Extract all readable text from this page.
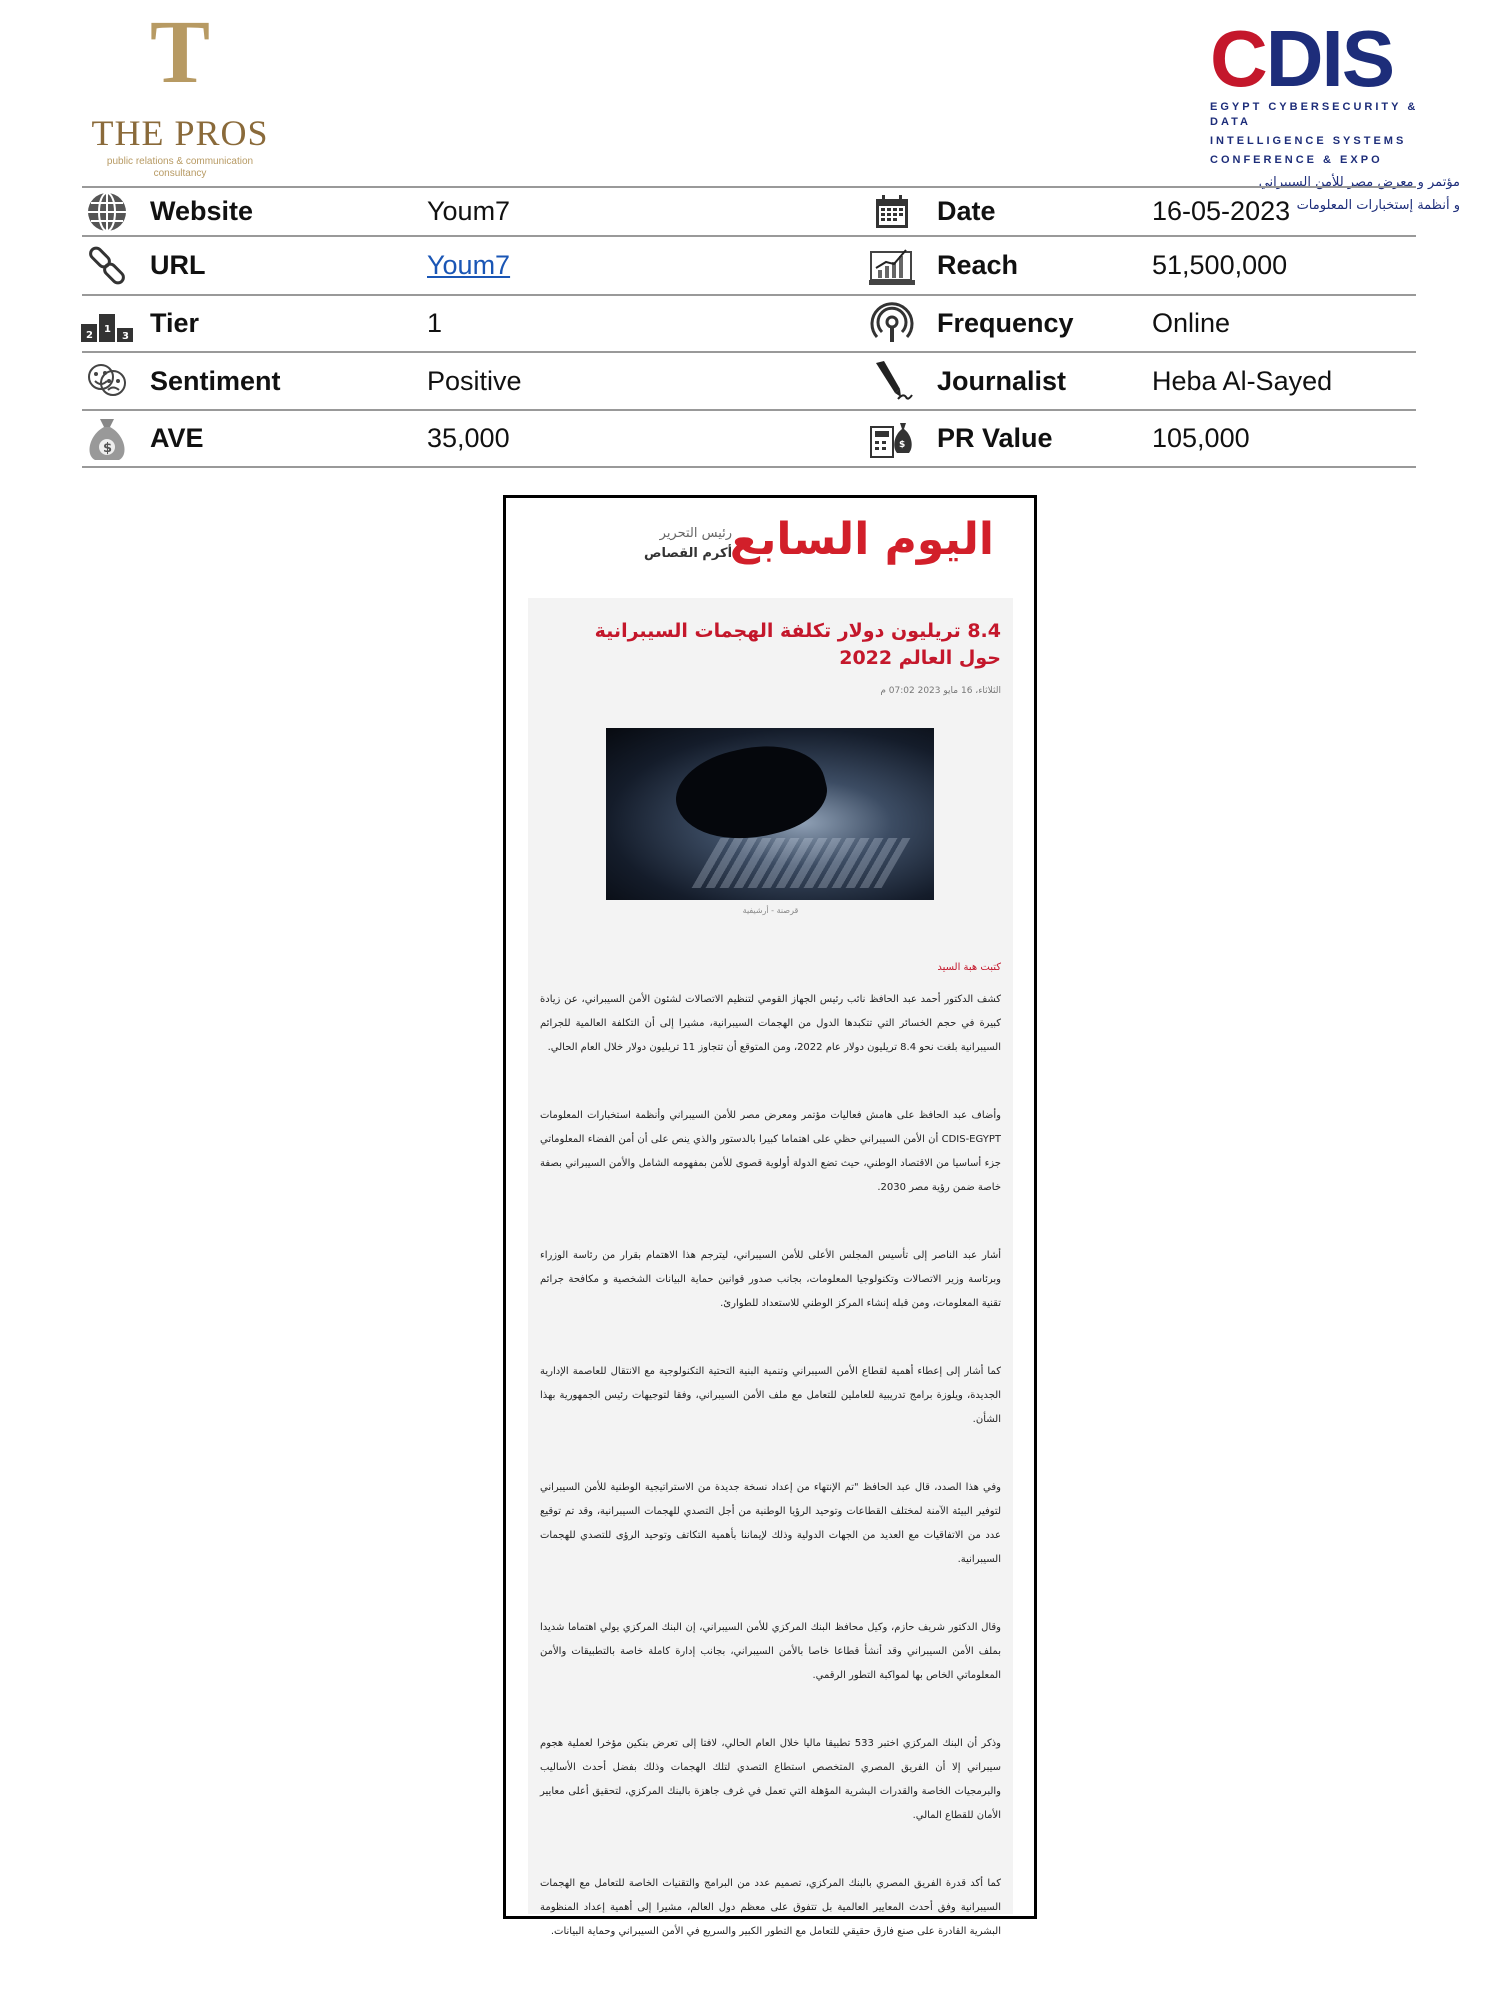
T
THE PROS
public relations & communication consultancy
CDIS
EGYPT CYBERSECURITY & DATA
INTELLIGENCE SYSTEMS
CONFERENCE & EXPO
مؤتمر و معرض مصر للأمن السيبراني
و أنظمة إستخبارات المعلومات
Website	Youm7	Date	16-05-2023
URL	Youm7	Reach	51,500,000
2
1
3 Tier	1	Frequency	Online
Sentiment	Positive	Journalist	Heba Al-Sayed
$ AVE	35,000	$ PR Value	105,000
اليوم السابع
رئيس التحرير
أكرم القصاص
8.4 تريليون دولار تكلفة الهجمات السيبرانية حول العالم 2022
الثلاثاء، 16 مايو 2023 07:02 م
قرصنة - أرشيفية
كتبت هبة السيد

كشف الدكتور أحمد عبد الحافظ نائب رئيس الجهاز القومي لتنظيم الاتصالات لشئون الأمن السيبراني، عن زيادة كبيرة في حجم الخسائر التي تتكبدها الدول من الهجمات السيبرانية، مشيرا إلى أن التكلفة العالمية للجرائم السيبرانية بلغت نحو 8.4 تريليون دولار عام 2022، ومن المتوقع أن تتجاوز 11 تريليون دولار خلال العام الحالي.

وأضاف عبد الحافظ على هامش فعاليات مؤتمر ومعرض مصر للأمن السيبراني وأنظمة استخبارات المعلومات CDIS-EGYPT أن الأمن السيبراني حظي على اهتماما كبيرا بالدستور والذي ينص على أن أمن الفضاء المعلوماتي جزء أساسيا من الاقتصاد الوطني، حيث تضع الدولة أولوية قصوى للأمن بمفهومه الشامل والأمن السيبراني بصفة خاصة ضمن رؤية مصر 2030.

أشار عبد الناصر إلى تأسيس المجلس الأعلى للأمن السيبراني، ليترجم هذا الاهتمام بقرار من رئاسة الوزراء وبرئاسة وزير الاتصالات وتكنولوجيا المعلومات، بجانب صدور قوانين حماية البيانات الشخصية و مكافحة جرائم تقنية المعلومات، ومن قبله إنشاء المركز الوطني للاستعداد للطوارئ.

كما أشار إلى إعطاء أهمية لقطاع الأمن السيبراني وتنمية البنية التحتية التكنولوجية مع الانتقال للعاصمة الإدارية الجديدة، ويلوزة برامج تدريبية للعاملين للتعامل مع ملف الأمن السيبراني، وفقا لتوجيهات رئيس الجمهورية بهذا الشأن.

وفي هذا الصدد، قال عبد الحافظ "تم الإنتهاء من إعداد نسخة جديدة من الاستراتيجية الوطنية للأمن السيبراني لتوفير البيئة الآمنة لمختلف القطاعات وتوحيد الرؤيا الوطنية من أجل التصدي للهجمات السيبرانية، وقد تم توقيع عدد من الاتفاقيات مع العديد من الجهات الدولية وذلك لإيماننا بأهمية التكاتف وتوحيد الرؤى للتصدي للهجمات السيبرانية.

وقال الدكتور شريف حازم، وكيل محافظ البنك المركزي للأمن السيبراني، إن البنك المركزي يولي اهتماما شديدا بملف الأمن السيبراني وقد أنشأ قطاعا خاصا بالأمن السيبراني، بجانب إدارة كاملة خاصة بالتطبيقات والأمن المعلوماتي الخاص بها لمواكبة التطور الرقمي.

وذكر أن البنك المركزي اختبر 533 تطبيقا ماليا خلال العام الحالي، لافتا إلى تعرض بنكين مؤخرا لعملية هجوم سيبراني إلا أن الفريق المصري المتخصص استطاع التصدي لتلك الهجمات وذلك بفضل أحدث الأساليب والبرمجيات الخاصة والقدرات البشرية المؤهلة التي تعمل في غرف جاهزة بالبنك المركزي، لتحقيق أعلى معايير الأمان للقطاع المالي.

كما أكد قدرة الفريق المصري بالبنك المركزي، تصميم عدد من البرامج والتقنيات الخاصة للتعامل مع الهجمات السيبرانية وفق أحدث المعايير العالمية بل تتفوق على معظم دول العالم، مشيرا إلى أهمية إعداد المنظومة البشرية القادرة على صنع فارق حقيقي للتعامل مع التطور الكبير والسريع في الأمن السيبراني وحماية البيانات.
